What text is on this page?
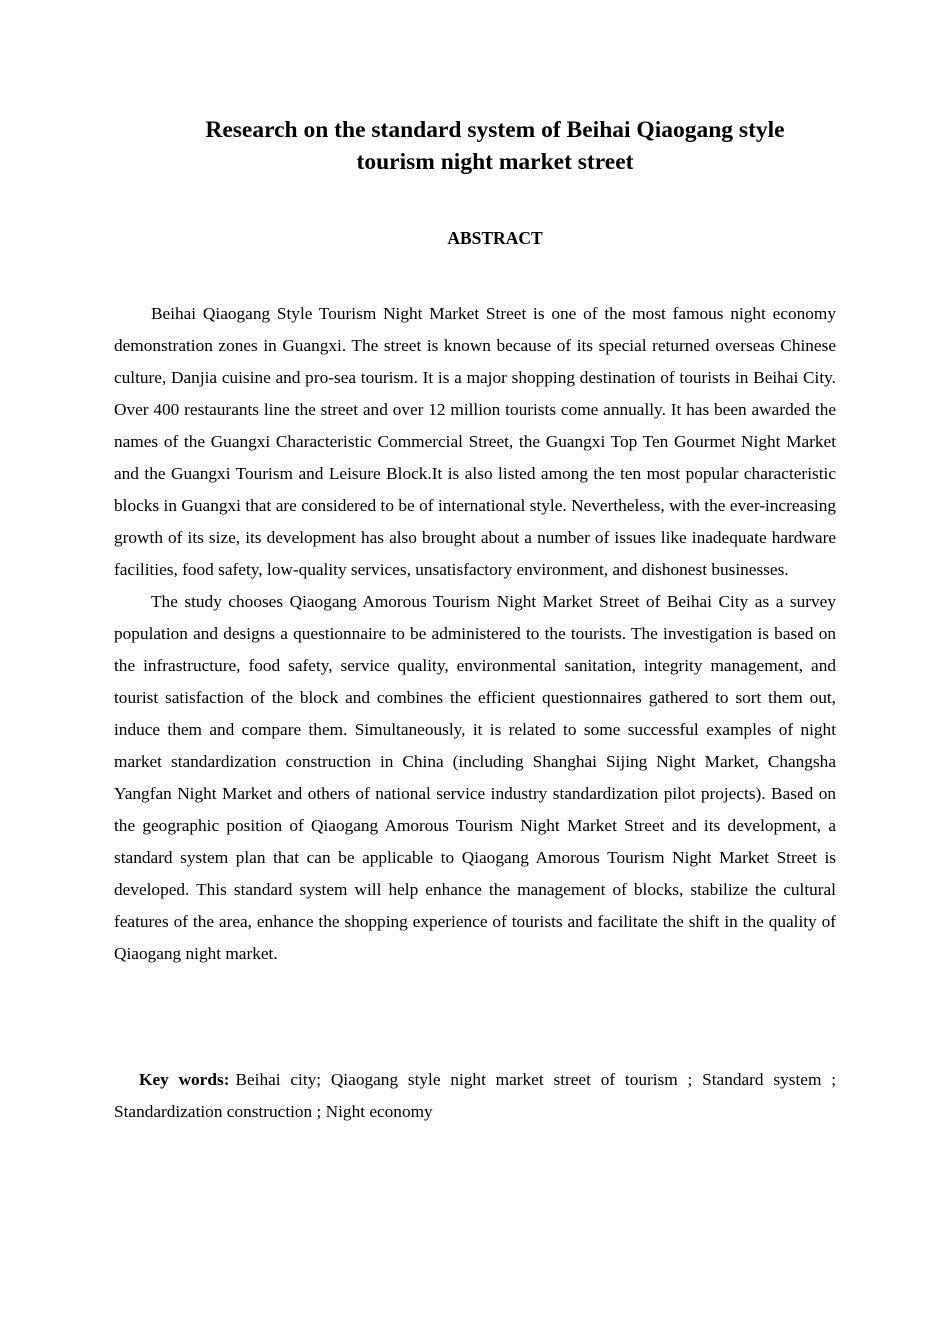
Research on the standard system of Beihai Qiaogang style
tourism night market street
ABSTRACT

Beihai Qiaogang Style Tourism Night Market Street is one of the most famous night economy demonstration zones in Guangxi. The street is known because of its special returned overseas Chinese culture, Danjia cuisine and pro-sea tourism. It is a major shopping destination of tourists in Beihai City. Over 400 restaurants line the street and over 12 million tourists come annually. It has been awarded the names of the Guangxi Characteristic Commercial Street, the Guangxi Top Ten Gourmet Night Market and the Guangxi Tourism and Leisure Block.It is also listed among the ten most popular characteristic blocks in Guangxi that are considered to be of international style. Nevertheless, with the ever-increasing growth of its size, its development has also brought about a number of issues like inadequate hardware facilities, food safety, low-quality services, unsatisfactory environment, and dishonest businesses.

The study chooses Qiaogang Amorous Tourism Night Market Street of Beihai City as a survey population and designs a questionnaire to be administered to the tourists. The investigation is based on the infrastructure, food safety, service quality, environmental sanitation, integrity management, and tourist satisfaction of the block and combines the efficient questionnaires gathered to sort them out, induce them and compare them. Simultaneously, it is related to some successful examples of night market standardization construction in China (including Shanghai Sijing Night Market, Changsha Yangfan Night Market and others of national service industry standardization pilot projects). Based on the geographic position of Qiaogang Amorous Tourism Night Market Street and its development, a standard system plan that can be applicable to Qiaogang Amorous Tourism Night Market Street is developed. This standard system will help enhance the management of blocks, stabilize the cultural features of the area, enhance the shopping experience of tourists and facilitate the shift in the quality of Qiaogang night market.

Key words: Beihai city; Qiaogang style night market street of tourism ; Standard system ; Standardization construction ; Night economy
